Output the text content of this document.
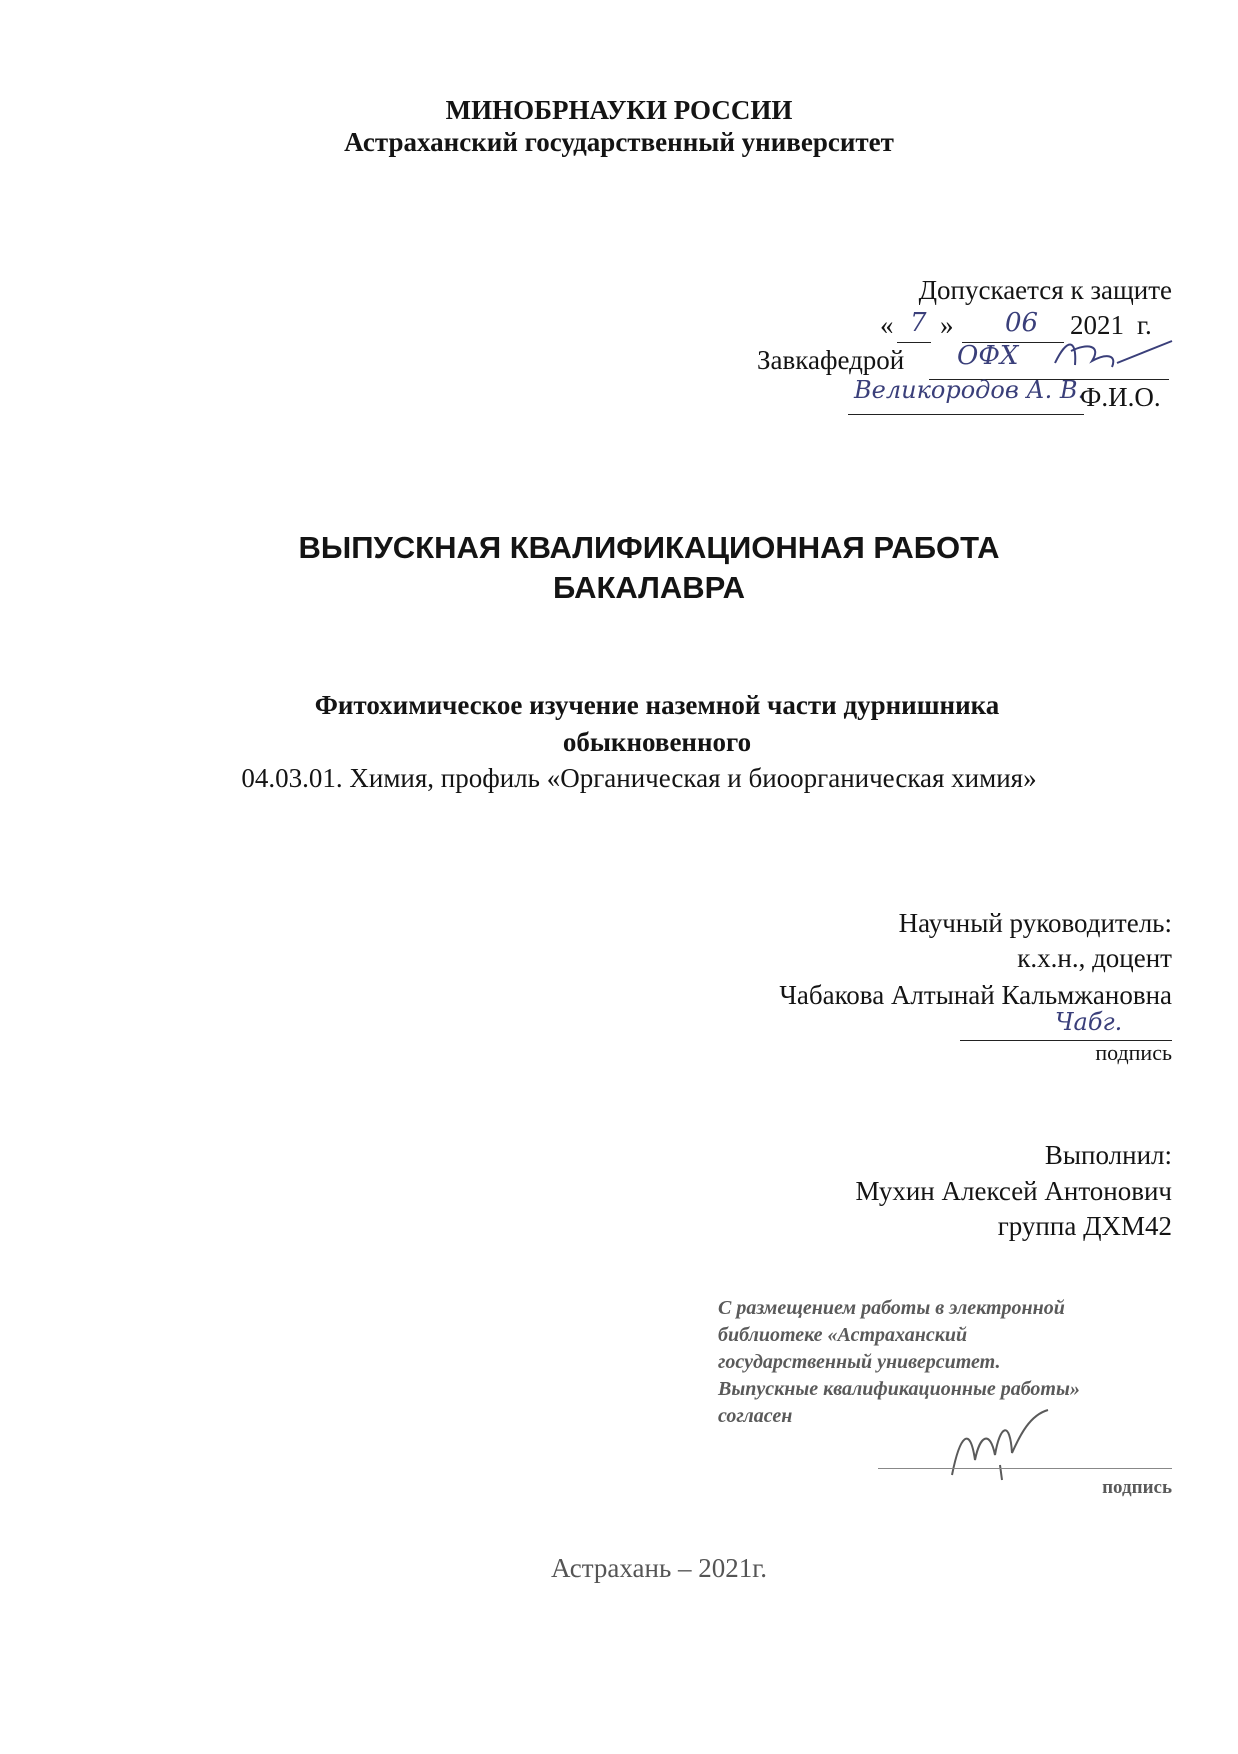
МИНОБРНАУКИ РОССИИ
Астраханский государственный университет
Допускается к защите
« 7 » 06 2021 г.
Завкафедрой ОФХ
Великородов А. В.
Ф.И.О.
ВЫПУСКНАЯ КВАЛИФИКАЦИОННАЯ РАБОТА
БАКАЛАВРА
Фитохимическое изучение наземной части дурнишника
обыкновенного
04.03.01. Химия, профиль «Органическая и биоорганическая химия»
Научный руководитель:
к.х.н., доцент
Чабакова Алтынай Кальмжановна
Чабг.
подпись
Выполнил:
Мухин Алексей Антонович
группа ДХМ42
С размещением работы в электронной
библиотеке «Астраханский
государственный университет.
Выпускные квалификационные работы»
согласен
подпись
Астрахань – 2021г.
